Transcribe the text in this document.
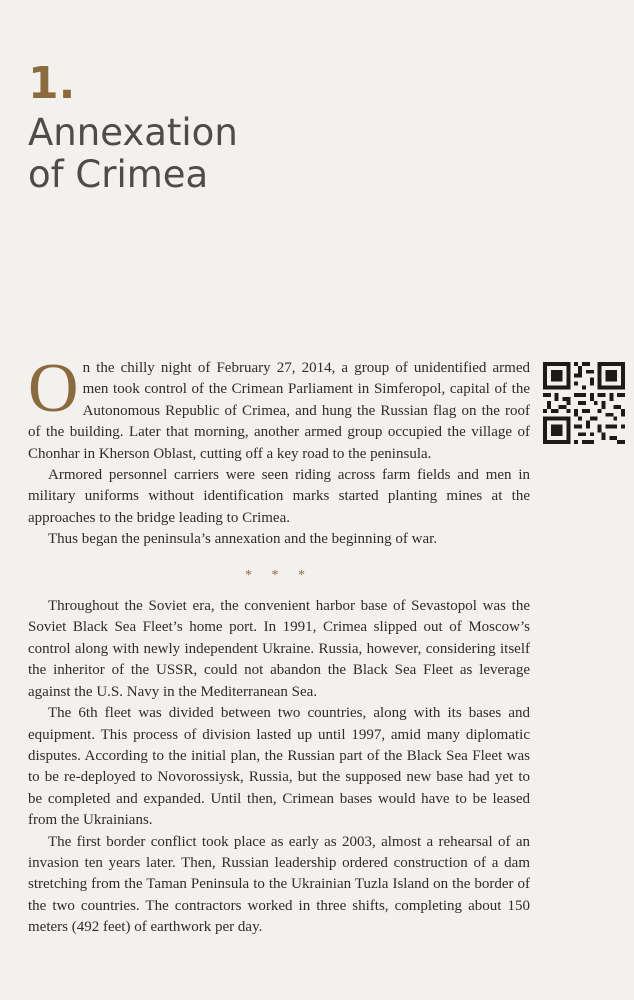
1.
Annexation
of Crimea

On the chilly night of February 27, 2014, a group of unidentified armed men took control of the Crimean Parliament in Simferopol, capital of the Autonomous Republic of Crimea, and hung the Russian flag on the roof of the building. Later that morning, another armed group occupied the village of Chonhar in Kherson Oblast, cutting off a key road to the peninsula.

Armored personnel carriers were seen riding across farm fields and men in military uniforms without identification marks started planting mines at the approaches to the bridge leading to Crimea.

Thus began the peninsula’s annexation and the beginning of war.

* * *

Throughout the Soviet era, the convenient harbor base of Sevastopol was the Soviet Black Sea Fleet’s home port. In 1991, Crimea slipped out of Moscow’s control along with newly independent Ukraine. Russia, however, considering itself the inheritor of the USSR, could not abandon the Black Sea Fleet as leverage against the U.S. Navy in the Mediterranean Sea.

The 6th fleet was divided between two countries, along with its bases and equipment. This process of division lasted up until 1997, amid many diplomatic disputes. According to the initial plan, the Russian part of the Black Sea Fleet was to be re-deployed to Novorossiysk, Russia, but the supposed new base had yet to be completed and expanded. Until then, Crimean bases would have to be leased from the Ukrainians.

The first border conflict took place as early as 2003, almost a rehearsal of an invasion ten years later. Then, Russian leadership ordered construction of a dam stretching from the Taman Peninsula to the Ukrainian Tuzla Island on the border of the two countries. The contractors worked in three shifts, completing about 150 meters (492 feet) of earthwork per day.
